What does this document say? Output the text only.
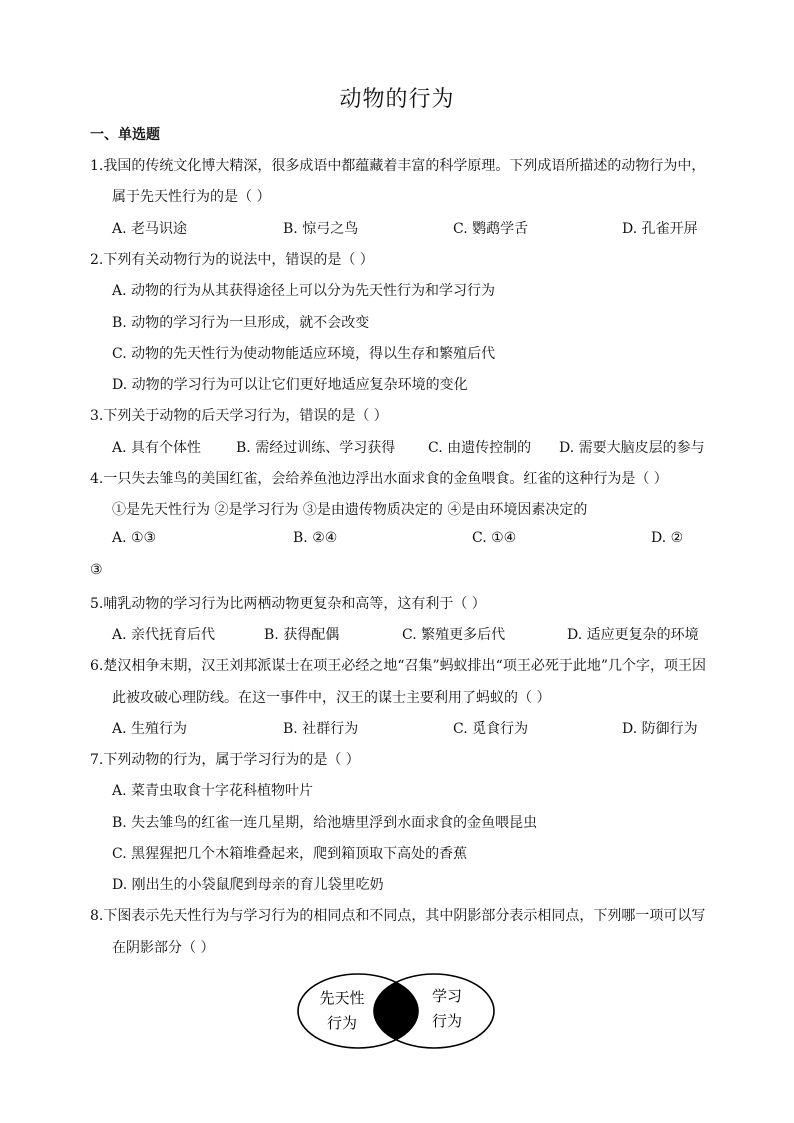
动物的行为
一、单选题
1.我国的传统文化博大精深，很多成语中都蕴藏着丰富的科学原理。下列成语所描述的动物行为中，
属于先天性行为的是（ ）
A. 老马识途	B. 惊弓之鸟	C. 鹦鹉学舌	D. 孔雀开屏
2.下列有关动物行为的说法中，错误的是（ ）
A. 动物的行为从其获得途径上可以分为先天性行为和学习行为
B. 动物的学习行为一旦形成，就不会改变
C. 动物的先天性行为使动物能适应环境，得以生存和繁殖后代
D. 动物的学习行为可以让它们更好地适应复杂环境的变化
3.下列关于动物的后天学习行为，错误的是（ ）
A. 具有个体性 B. 需经过训练、学习获得 C. 由遗传控制的 D. 需要大脑皮层的参与
4.一只失去雏鸟的美国红雀，会给养鱼池边浮出水面求食的金鱼喂食。红雀的这种行为是（ ）
①是先天性行为 ②是学习行为 ③是由遗传物质决定的 ④是由环境因素决定的
A. ①③	B. ②④	C. ①④	D. ②
③
5.哺乳动物的学习行为比两栖动物更复杂和高等，这有利于（ ）
A. 亲代抚育后代	B. 获得配偶	C. 繁殖更多后代	D. 适应更复杂的环境
6.楚汉相争末期，汉王刘邦派谋士在项王必经之地“召集”蚂蚁排出“项王必死于此地”几个字，项王因
此被攻破心理防线。在这一事件中，汉王的谋士主要利用了蚂蚁的（ ）
A. 生殖行为	B. 社群行为	C. 觅食行为	D. 防御行为
7.下列动物的行为，属于学习行为的是（ ）
A. 菜青虫取食十字花科植物叶片
B. 失去雏鸟的红雀一连几星期，给池塘里浮到水面求食的金鱼喂昆虫
C. 黑猩猩把几个木箱堆叠起来，爬到箱顶取下高处的香蕉
D. 刚出生的小袋鼠爬到母亲的育儿袋里吃奶
8.下图表示先天性行为与学习行为的相同点和不同点，其中阴影部分表示相同点，下列哪一项可以写
在阴影部分（ ）
先天性
行为
学习
行为
